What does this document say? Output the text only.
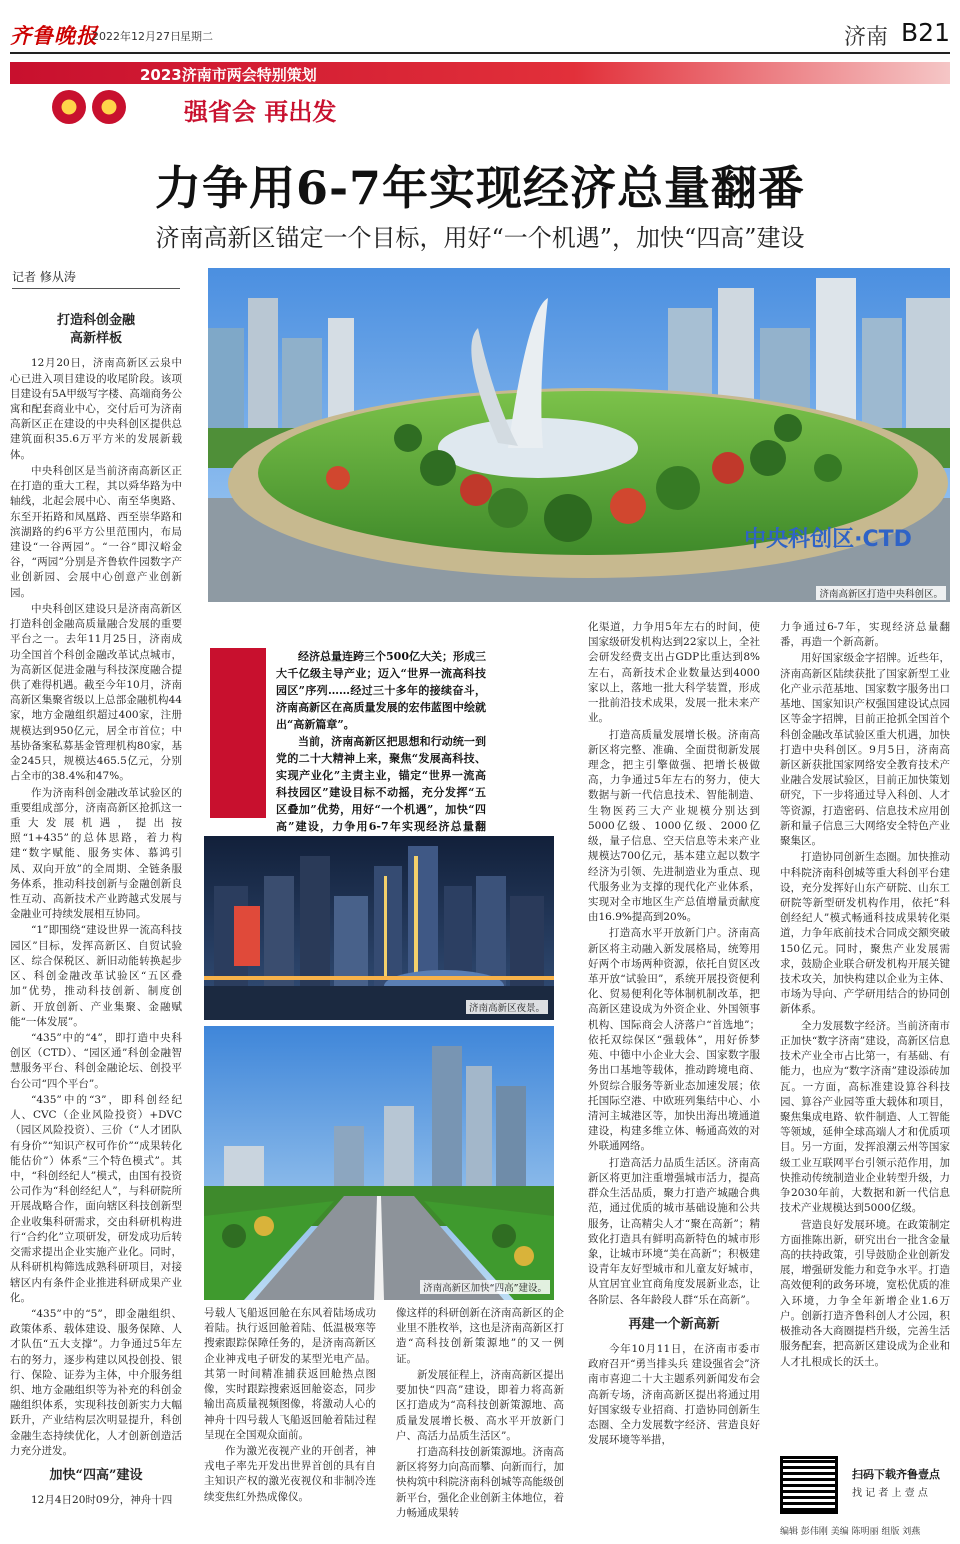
齐鲁晚报
2022年12月27日 星期二	济南 B21
2023济南市两会特别策划
强省会 再出发
力争用6-7年实现经济总量翻番
济南高新区锚定一个目标，用好“一个机遇”，加快“四高”建设
记者 修从涛
中央科创区·CTD
济南高新区打造中央科创区。

经济总量连跨三个500亿大关；形成三大千亿级主导产业；迈入“世界一流高科技园区”序列……经过三十多年的接续奋斗，济南高新区在高质量发展的宏伟蓝图中绘就出“高新篇章”。

当前，济南高新区把思想和行动统一到党的二十大精神上来，聚焦“发展高科技、实现产业化”主责主业，锚定“世界一流高科技园区”建设目标不动摇，充分发挥“五区叠加”优势，用好“一个机遇”，加快“四高”建设，力争用6-7年实现经济总量翻

济南高新区夜景。
济南高新区加快“四高”建设。
打造科创金融
高新样板

12月20日，济南高新区云泉中心已进入项目建设的收尾阶段。该项目建设有5A甲级写字楼、高端商务公寓和配套商业中心，交付后可为济南高新区正在建设的中央科创区提供总建筑面积35.6万平方米的发展新载体。

中央科创区是当前济南高新区正在打造的重大工程，其以舜华路为中轴线，北起会展中心、南至华奥路、东至开拓路和凤凰路、西至崇华路和滨湖路的约6平方公里范围内，布局建设“一谷两园”。“一谷”即汉峪金谷，“两园”分别是齐鲁软件园数字产业创新园、会展中心创意产业创新园。

中央科创区建设只是济南高新区打造科创金融高质量融合发展的重要平台之一。去年11月25日，济南成功全国首个科创金融改革试点城市，为高新区促进金融与科技深度融合提供了难得机遇。截至今年10月，济南高新区集聚省级以上总部金融机构44家，地方金融组织超过400家，注册规模达到950亿元，居全市首位；中基协备案私募基金管理机构80家，基金245只，规模达465.5亿元，分别占全市的38.4%和47%。

作为济南科创金融改革试验区的重要组成部分，济南高新区抢抓这一重大发展机遇，提出按照“1+435”的总体思路，着力构建“数字赋能、服务实体、慕鸿引凤、双向开放”的全周期、全链条服务体系，推动科技创新与金融创新良性互动、高新技术产业跨越式发展与金融业可持续发展相互协同。

“1”即围绕“建设世界一流高科技园区”目标，发挥高新区、自贸试验区、综合保税区、新旧动能转换起步区、科创金融改革试验区“五区叠加”优势，推动科技创新、制度创新、开放创新、产业集聚、金融赋能“一体发展”。

“435”中的“4”，即打造中央科创区（CTD）、“园区通”科创金融智慧服务平台、科创金融论坛、创投平台公司“四个平台”。

“435”中的“3”，即科创经纪人、CVC（企业风险投资）+DVC（园区风险投资）、三价（“人才团队有身价”“知识产权可作价”“成果转化能估价”）体系“三个特色模式”。其中，“科创经纪人”模式，由国有投资公司作为“科创经纪人”，与科研院所开展战略合作，面向辖区科技创新型企业收集科研需求，交由科研机构进行“合约化”立项研发，研发成功后转交需求提出企业实施产业化。同时，从科研机构筛选成熟科研项目，对接辖区内有条件企业推进科研成果产业化。

“435”中的“5”，即金融组织、政策体系、载体建设、服务保障、人才队伍“五大支撑”。力争通过5年左右的努力，逐步构建以风投创投、银行、保险、证券为主体，中介服务组织、地方金融组织等为补充的科创金融组织体系，实现科技创新实力大幅跃升，产业结构层次明显提升，科创金融生态持续优化，人才创新创造活力充分迸发。

加快“四高”建设

12月4日20时09分，神舟十四

号载人飞船返回舱在东风着陆场成功着陆。执行返回舱着陆、低温极寒等搜索跟踪保障任务的，是济南高新区企业神戎电子研发的某型光电产品。其第一时间精准捕获返回舱热点图像，实时跟踪搜索返回舱姿态，同步输出高质量视频图像，将激动人心的神舟十四号载人飞船返回舱着陆过程呈现在全国观众面前。

作为激光夜视产业的开创者，神戎电子率先开发出世界首创的具有自主知识产权的激光夜视仪和非制冷连续变焦红外热成像仪。

像这样的科研创新在济南高新区的企业里不胜枚举，这也是济南高新区打造“高科技创新策源地”的又一例证。

新发展征程上，济南高新区提出要加快“四高”建设，即着力将高新区打造成为“高科技创新策源地、高质量发展增长极、高水平开放新门户、高活力品质生活区”。

打造高科技创新策源地。济南高新区将努力向高而攀、向新而行，加快构筑中科院济南科创城等高能级创新平台，强化企业创新主体地位，着力畅通成果转

化渠道，力争用5年左右的时间，使国家级研发机构达到22家以上，全社会研发经费支出占GDP比重达到8%左右，高新技术企业数量达到4000家以上，落地一批大科学装置，形成一批前沿技术成果，发展一批未来产业。

打造高质量发展增长极。济南高新区将完整、准确、全面贯彻新发展理念，把主引擎做强、把增长极做高，力争通过5年左右的努力，使大数据与新一代信息技术、智能制造、生物医药三大产业规模分别达到5000亿级、1000亿级、2000亿级，量子信息、空天信息等未来产业规模达700亿元，基本建立起以数字经济为引领、先进制造业为重点、现代服务业为支撑的现代化产业体系，实现对全市地区生产总值增量贡献度由16.9%提高到20%。

打造高水平开放新门户。济南高新区将主动融入新发展格局，统筹用好两个市场两种资源，依托自贸区改革开放“试验田”，系统开展投资便利化、贸易便利化等体制机制改革，把高新区建设成为外资企业、外国领事机构、国际商会人济落户“首选地”；依托双综保区“强载体”，用好侨梦苑、中德中小企业大会、国家数字服务出口基地等载体，推动跨境电商、外贸综合服务等新业态加速发展；依托国际空港、中欧班列集结中心、小清河主城港区等，加快出海出境通道建设，构建多维立体、畅通高效的对外联通网络。

打造高活力品质生活区。济南高新区将更加注重增强城市活力，提高群众生活品质，聚力打造产城融合典范，通过优质的城市基础设施和公共服务，让高精尖人才“聚在高新”；精致化打造具有鲜明高新特色的城市形象，让城市环境“美在高新”；积极建设青年友好型城市和儿童友好城市，从宜居宜业宜商角度发展新业态，让各阶层、各年龄段人群“乐在高新”。

再建一个新高新

今年10月11日，在济南市委市政府召开“勇当排头兵 建设强省会”济南市喜迎二十大主题系列新闻发布会高新专场，济南高新区提出将通过用好国家级专业招商、打造协同创新生态圈、全力发展数字经济、营造良好发展环境等举措，

力争通过6-7年，实现经济总量翻番，再造一个新高新。

用好国家级金字招牌。近些年，济南高新区陆续获批了国家新型工业化产业示范基地、国家数字服务出口基地、国家知识产权强国建设试点园区等金字招牌，目前正抢抓全国首个科创金融改革试验区重大机遇，加快打造中央科创区。9月5日，济南高新区新获批国家网络安全教育技术产业融合发展试验区，目前正加快策划研究，下一步将通过导入科创、人才等资源，打造密码、信息技术应用创新和量子信息三大网络安全特色产业聚集区。

打造协同创新生态圈。加快推动中科院济南科创城等重大科创平台建设，充分发挥好山东产研院、山东工研院等新型研发机构作用，依托“科创经纪人”模式畅通科技成果转化渠道，力争年底前技术合同成交额突破150亿元。同时，聚焦产业发展需求，鼓励企业联合研发机构开展关键技术攻关，加快构建以企业为主体、市场为导向、产学研用结合的协同创新体系。

全力发展数字经济。当前济南市正加快“数字济南”建设，高新区信息技术产业全市占比第一，有基础、有能力，也应为“数字济南”建设添砖加瓦。一方面，高标准建设算谷科技园、算谷产业园等重大载体和项目，聚焦集成电路、软件制造、人工智能等领域，延伸全球高端人才和优质项目。另一方面，发挥浪潮云州等国家级工业互联网平台引领示范作用，加快推动传统制造业企业转型升级，力争2030年前，大数据和新一代信息技术产业规模达到5000亿级。

营造良好发展环境。在政策制定方面推陈出新，研究出台一批含金量高的扶持政策，引导鼓励企业创新发展，增强研发能力和竞争水平。打造高效便利的政务环境，宽松优质的准入环境，力争全年新增企业1.6万户。创新打造齐鲁科创人才公园，积极推动各大商圈提档升级，完善生活服务配套，把高新区建设成为企业和人才扎根成长的沃土。

扫码下载齐鲁壹点
找 记 者 上 壹 点
编辑 彭伟刚 美编 陈明丽 组版 刘燕
